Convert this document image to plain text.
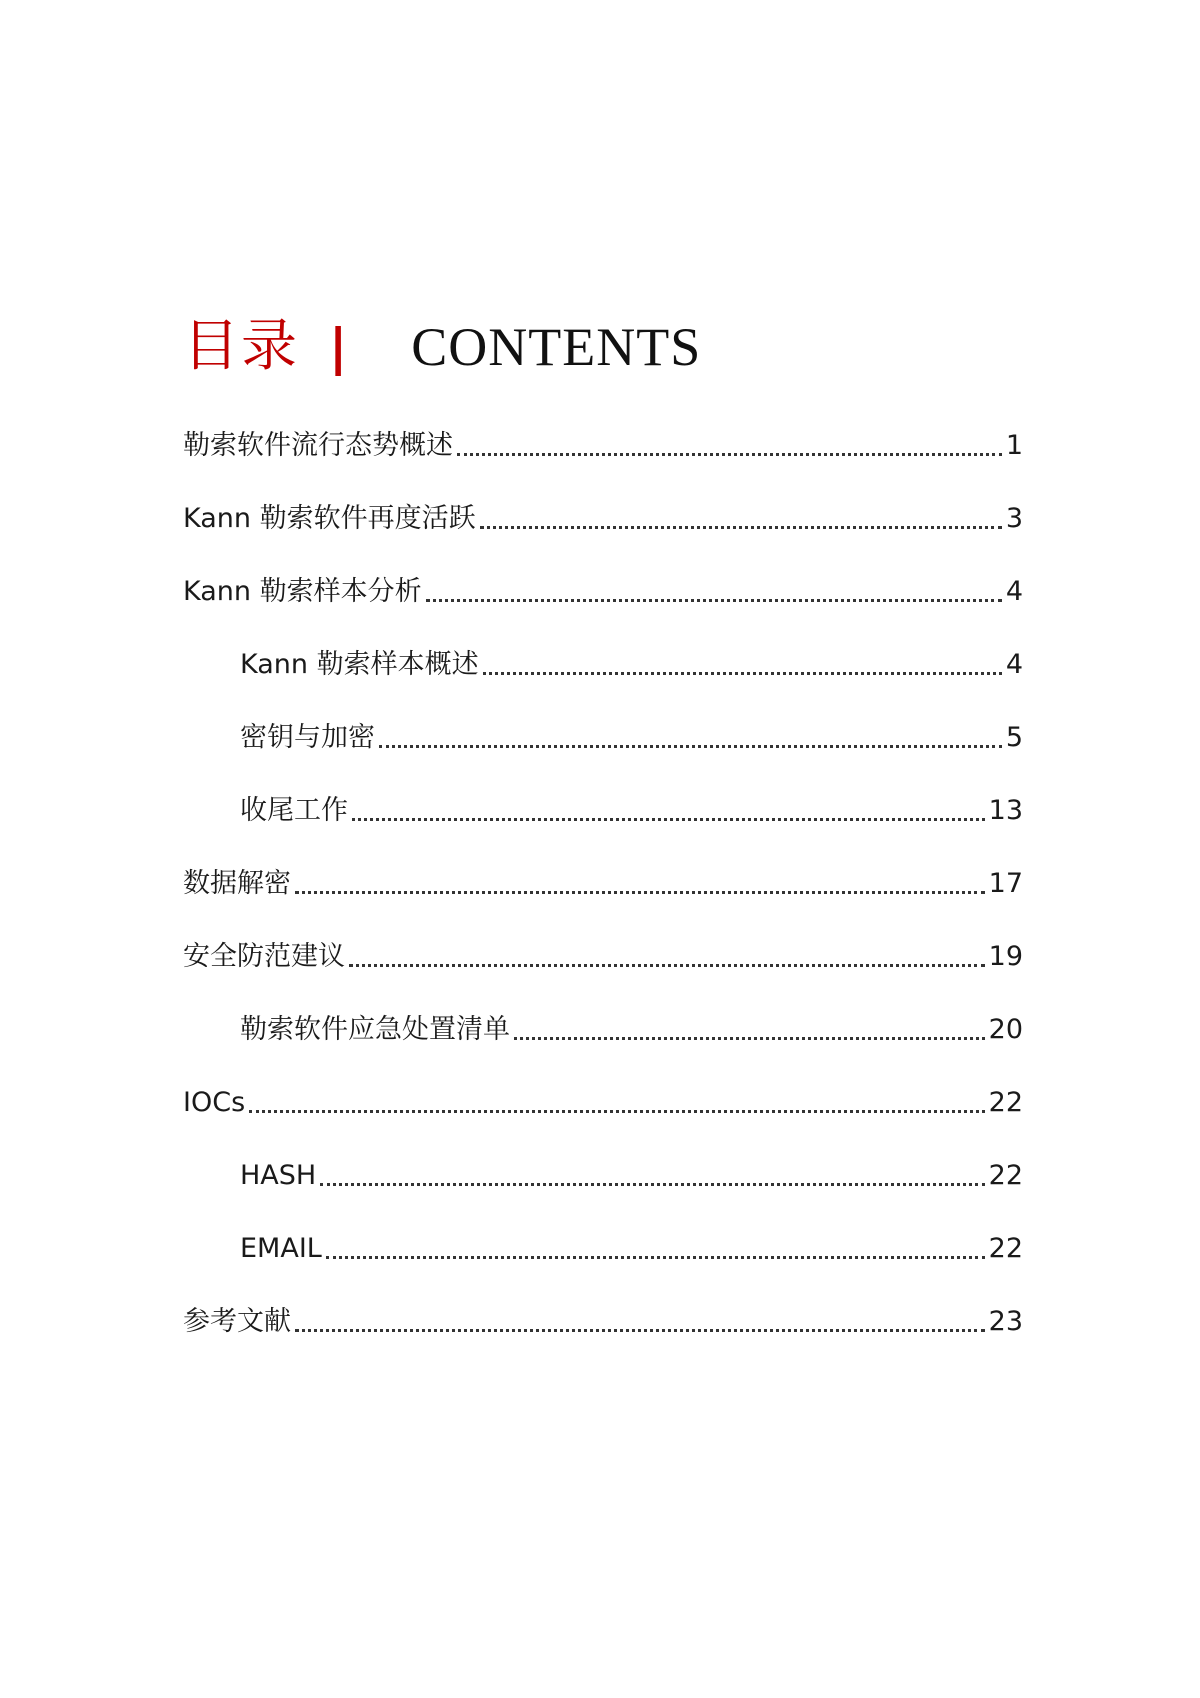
目录 | CONTENTS
勒索软件流行态势概述	1
Kann 勒索软件再度活跃	3
Kann 勒索样本分析	4
Kann 勒索样本概述	4
密钥与加密	5
收尾工作	13
数据解密	17
安全防范建议	19
勒索软件应急处置清单	20
IOCs	22
HASH	22
EMAIL	22
参考文献	23
